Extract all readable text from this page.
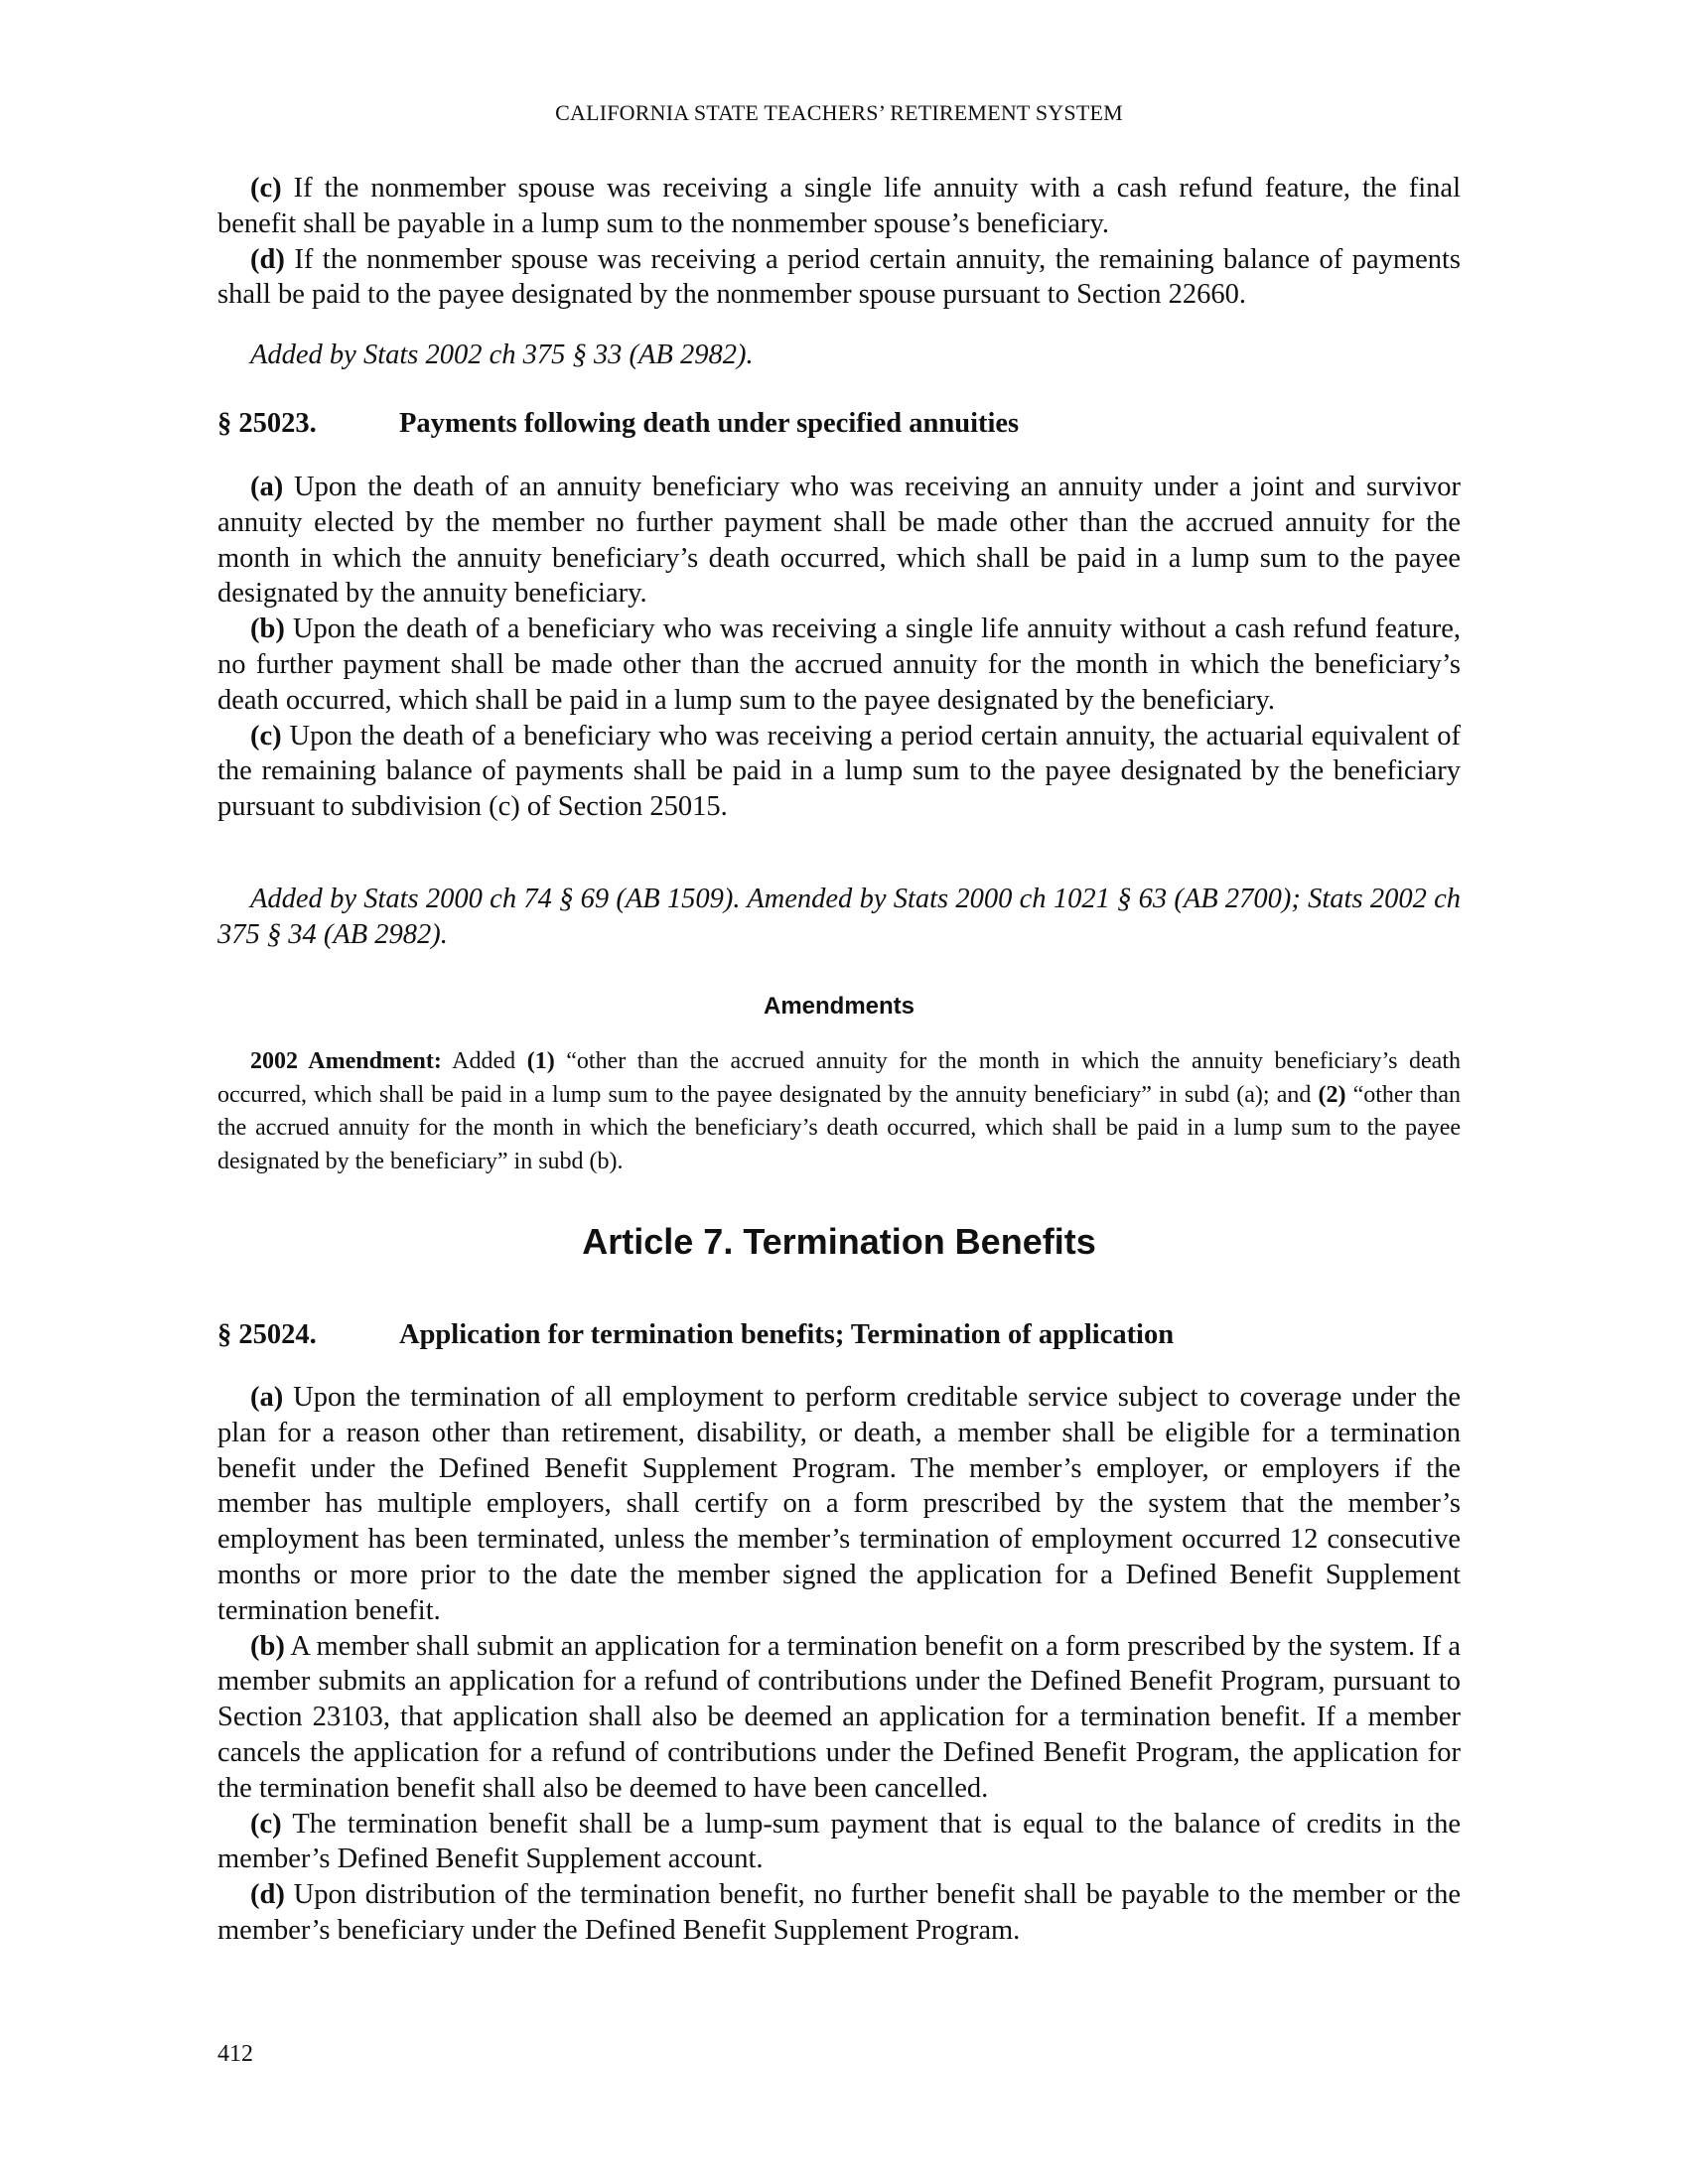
CALIFORNIA STATE TEACHERS’ RETIREMENT SYSTEM

(c) If the nonmember spouse was receiving a single life annuity with a cash refund feature, the final benefit shall be payable in a lump sum to the nonmember spouse’s beneficiary.

(d) If the nonmember spouse was receiving a period certain annuity, the remaining balance of payments shall be paid to the payee designated by the nonmember spouse pursuant to Section 22660.

Added by Stats 2002 ch 375 § 33 (AB 2982).

§ 25023.	Payments following death under specified annuities

(a) Upon the death of an annuity beneficiary who was receiving an annuity under a joint and survivor annuity elected by the member no further payment shall be made other than the accrued annuity for the month in which the annuity beneficiary’s death occurred, which shall be paid in a lump sum to the payee designated by the annuity beneficiary.

(b) Upon the death of a beneficiary who was receiving a single life annuity without a cash refund feature, no further payment shall be made other than the accrued annuity for the month in which the beneficiary’s death occurred, which shall be paid in a lump sum to the payee designated by the beneficiary.

(c) Upon the death of a beneficiary who was receiving a period certain annuity, the actuarial equivalent of the remaining balance of payments shall be paid in a lump sum to the payee designated by the beneficiary pursuant to subdivision (c) of Section 25015.

Added by Stats 2000 ch 74 § 69 (AB 1509). Amended by Stats 2000 ch 1021 § 63 (AB 2700); Stats 2002 ch 375 § 34 (AB 2982).

Amendments

2002 Amendment: Added (1) “other than the accrued annuity for the month in which the annuity beneficiary’s death occurred, which shall be paid in a lump sum to the payee designated by the annuity beneficiary” in subd (a); and (2) “other than the accrued annuity for the month in which the beneficiary’s death occurred, which shall be paid in a lump sum to the payee designated by the beneficiary” in subd (b).

Article 7. Termination Benefits
§ 25024.	Application for termination benefits; Termination of application

(a) Upon the termination of all employment to perform creditable service subject to coverage under the plan for a reason other than retirement, disability, or death, a member shall be eligible for a termination benefit under the Defined Benefit Supplement Program. The member’s employer, or employers if the member has multiple employers, shall certify on a form prescribed by the system that the member’s employment has been terminated, unless the member’s termination of employment occurred 12 consecutive months or more prior to the date the member signed the application for a Defined Benefit Supplement termination benefit.

(b) A member shall submit an application for a termination benefit on a form prescribed by the system. If a member submits an application for a refund of contributions under the Defined Benefit Program, pursuant to Section 23103, that application shall also be deemed an application for a termination benefit. If a member cancels the application for a refund of contributions under the Defined Benefit Program, the application for the termination benefit shall also be deemed to have been cancelled.

(c) The termination benefit shall be a lump-sum payment that is equal to the balance of credits in the member’s Defined Benefit Supplement account.

(d) Upon distribution of the termination benefit, no further benefit shall be payable to the member or the member’s beneficiary under the Defined Benefit Supplement Program.

412
